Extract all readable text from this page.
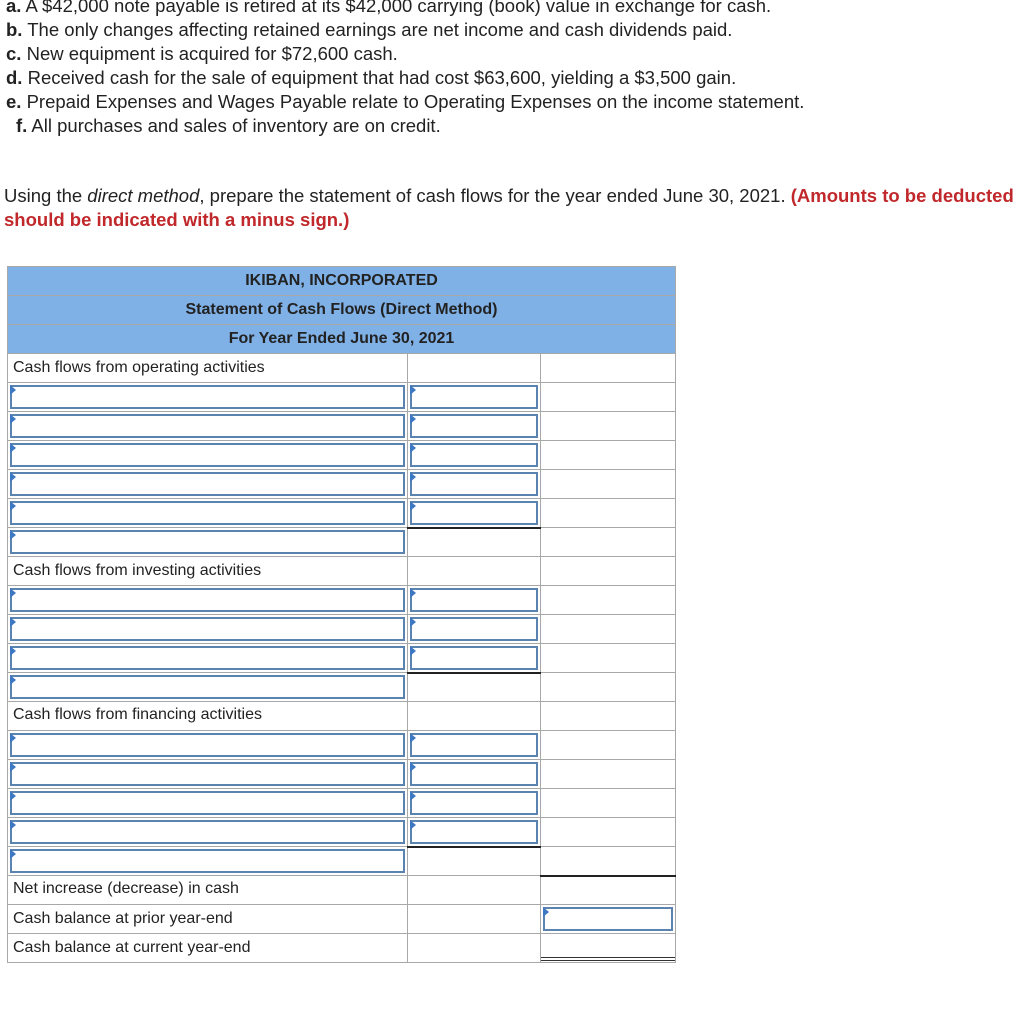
a. A $42,000 note payable is retired at its $42,000 carrying (book) value in exchange for cash.
b. The only changes affecting retained earnings are net income and cash dividends paid.
c. New equipment is acquired for $72,600 cash.
d. Received cash for the sale of equipment that had cost $63,600, yielding a $3,500 gain.
e. Prepaid Expenses and Wages Payable relate to Operating Expenses on the income statement.
f. All purchases and sales of inventory are on credit.
Using the direct method, prepare the statement of cash flows for the year ended June 30, 2021. (Amounts to be deducted should be indicated with a minus sign.)
IKIBAN, INCORPORATED		
Statement of Cash Flows (Direct Method)		
For Year Ended June 30, 2021		
Cash flows from operating activities		

Cash flows from investing activities		

Cash flows from financing activities		

Net increase (decrease) in cash		
Cash balance at prior year-end		

Cash balance at current year-end		
